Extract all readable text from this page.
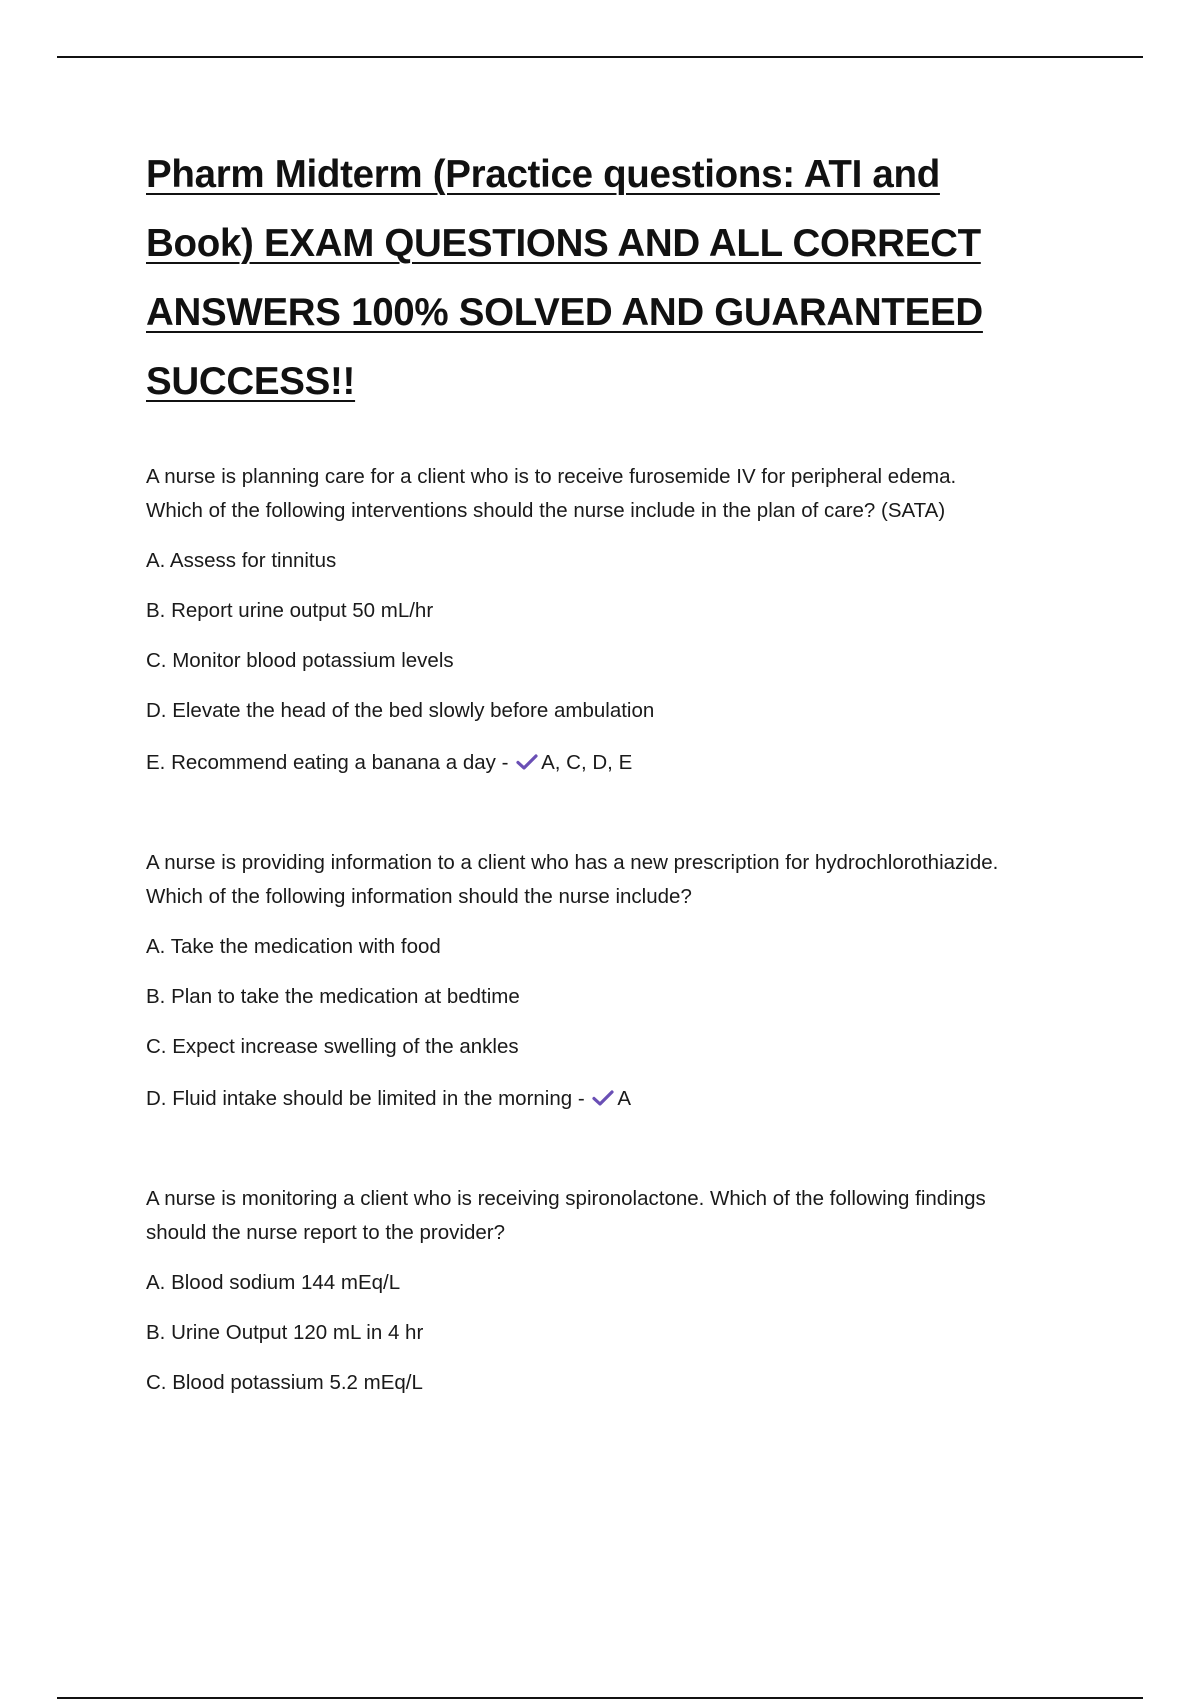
Pharm Midterm (Practice questions: ATI and
Book) EXAM QUESTIONS AND ALL CORRECT
ANSWERS 100% SOLVED AND GUARANTEED
SUCCESS!!

A nurse is planning care for a client who is to receive furosemide IV for peripheral edema.
Which of the following interventions should the nurse include in the plan of care? (SATA)

A. Assess for tinnitus

B. Report urine output 50 mL/hr

C. Monitor blood potassium levels

D. Elevate the head of the bed slowly before ambulation

E. Recommend eating a banana a day - A, C, D, E

A nurse is providing information to a client who has a new prescription for hydrochlorothiazide.
Which of the following information should the nurse include?

A. Take the medication with food

B. Plan to take the medication at bedtime

C. Expect increase swelling of the ankles

D. Fluid intake should be limited in the morning - A

A nurse is monitoring a client who is receiving spironolactone. Which of the following findings
should the nurse report to the provider?

A. Blood sodium 144 mEq/L

B. Urine Output 120 mL in 4 hr

C. Blood potassium 5.2 mEq/L
